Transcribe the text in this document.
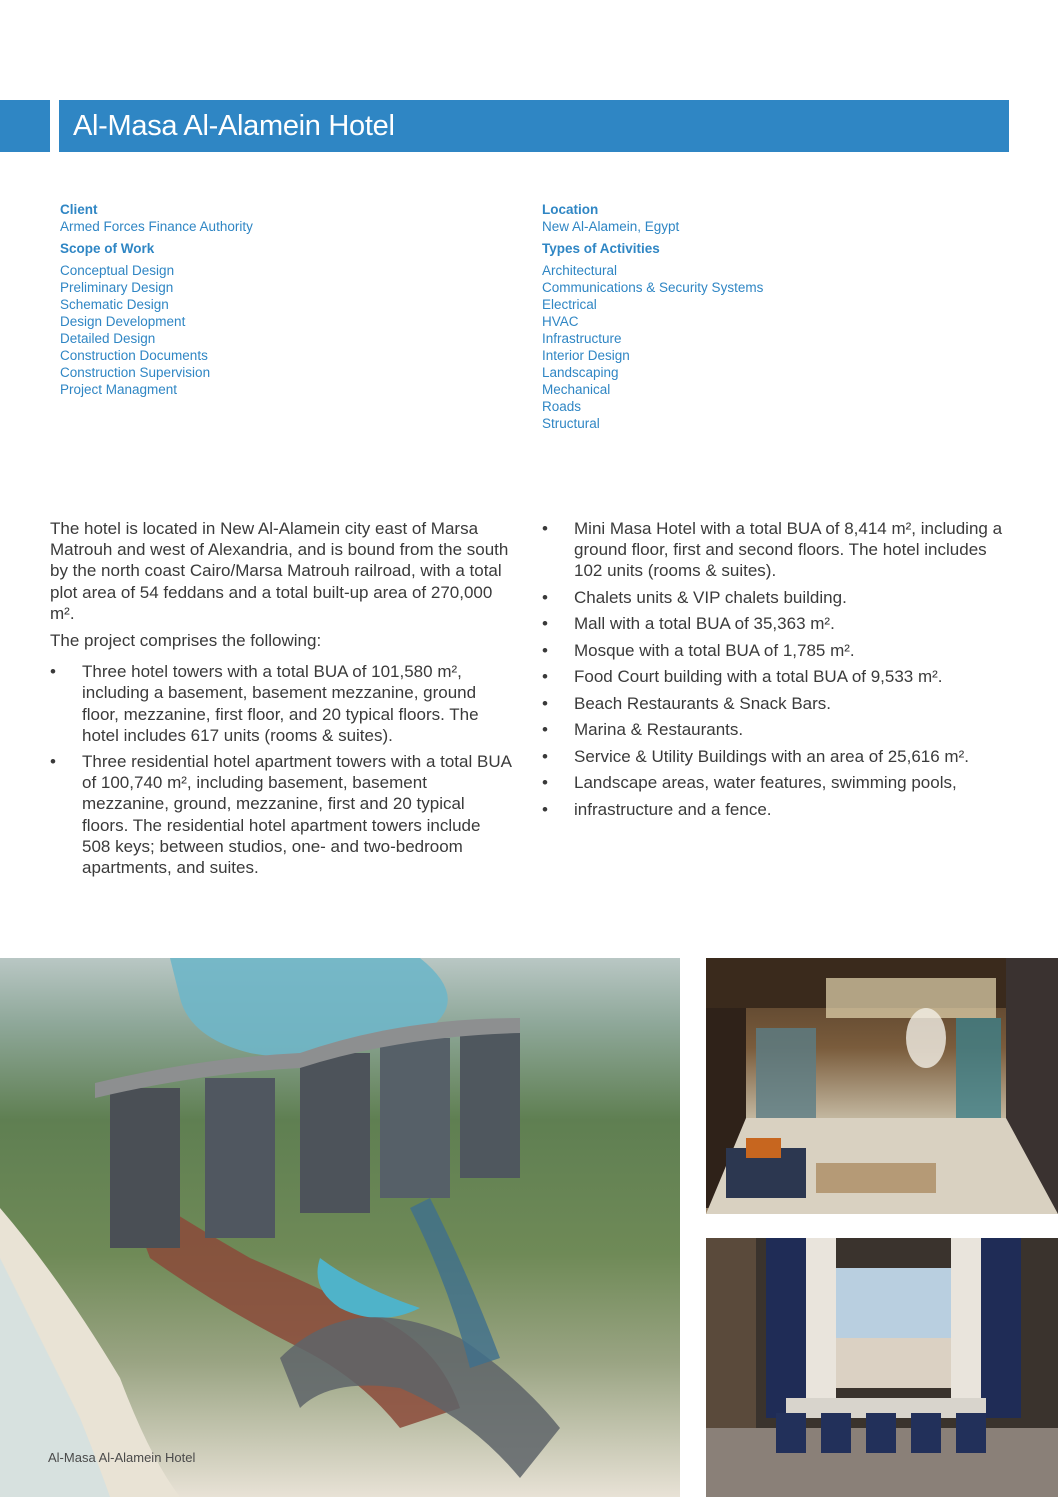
Al-Masa Al-Alamein Hotel
Client
Armed Forces Finance Authority
Scope of Work
Conceptual Design
Preliminary Design
Schematic Design
Design Development
Detailed Design
Construction Documents
Construction Supervision
Project Managment
Location
New Al-Alamein, Egypt
Types of Activities
Architectural
Communications & Security Systems
Electrical
HVAC
Infrastructure
Interior Design
Landscaping
Mechanical
Roads
Structural

The hotel is located in New Al-Alamein city east of Marsa Matrouh and west of Alexandria, and is bound from the south by the north coast Cairo/Marsa Matrouh railroad, with a total plot area of 54 feddans and a total built-up area of 270,000 m².

The project comprises the following:

• Three hotel towers with a total BUA of 101,580 m², including a basement, basement mezzanine, ground floor, mezzanine, first floor, and 20 typical floors. The hotel includes 617 units (rooms & suites).
• Three residential hotel apartment towers with a total BUA of 100,740 m², including basement, basement mezzanine, ground, mezzanine, first and 20 typical floors. The residential hotel apartment towers include 508 keys; between studios, one- and two-bedroom apartments, and suites.
• Mini Masa Hotel with a total BUA of 8,414 m², including a ground floor, first and second floors. The hotel includes 102 units (rooms & suites).
• Chalets units & VIP chalets building.
• Mall with a total BUA of 35,363 m².
• Mosque with a total BUA of 1,785 m².
• Food Court building with a total BUA of 9,533 m².
• Beach Restaurants & Snack Bars.
• Marina & Restaurants.
• Service & Utility Buildings with an area of 25,616 m².
• Landscape areas, water features, swimming pools,
• infrastructure and a fence.
Al-Masa Al-Alamein Hotel
